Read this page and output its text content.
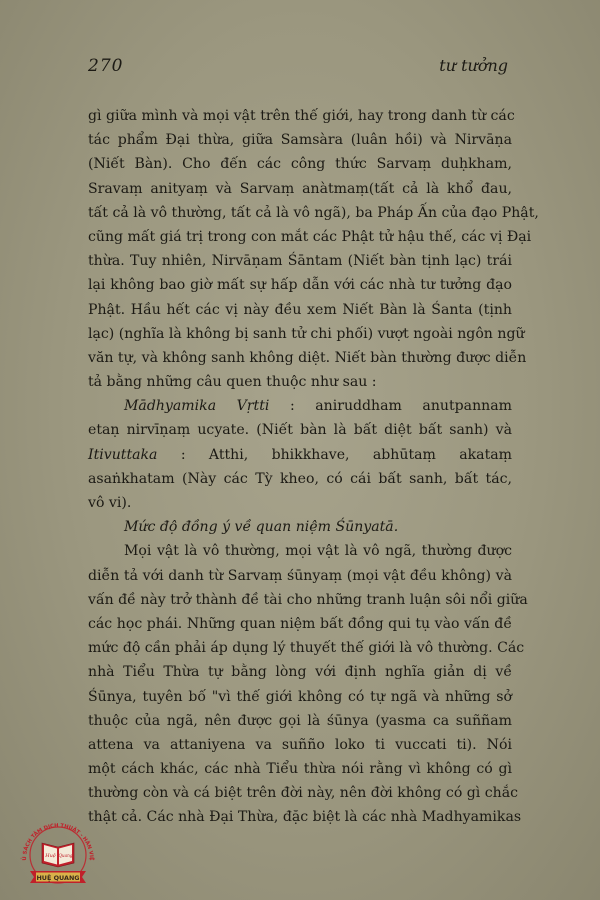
270	tư tưởng
gì giữa mình và mọi vật trên thế giới, hay trong danh từ các
tác phẩm Đại thừa, giữa Samsàra (luân hồi) và Nirvāṇa
(Niết Bàn). Cho đến các công thức Sarvaṃ duḥkham,
Sravaṃ anityaṃ và Sarvaṃ anàtmaṃ(tất cả là khổ đau,
tất cả là vô thường, tất cả là vô ngã), ba Pháp Ấn của đạo Phật,
cũng mất giá trị trong con mắt các Phật tử hậu thế, các vị Đại
thừa. Tuy nhiên, Nirvāṇam Śāntam (Niết bàn tịnh lạc) trái
lại không bao giờ mất sự hấp dẫn với các nhà tư tưởng đạo
Phật. Hầu hết các vị này đều xem Niết Bàn là Śanta (tịnh
lạc) (nghĩa là không bị sanh tử chi phối) vượt ngoài ngôn ngữ
văn tự, và không sanh không diệt. Niết bàn thường được diễn
tả bằng những câu quen thuộc như sau :
Mādhyamika Vṛtti : aniruddham anutpannam
etaṇ nirvīṇaṃ ucyate. (Niết bàn là bất diệt bất sanh) và
Itivuttaka : Atthi, bhikkhave, abhūtaṃ akataṃ
asaṅkhatam (Này các Tỳ kheo, có cái bất sanh, bất tác,
vô vi).
Mức độ đồng ý về quan niệm Śūnyatā.
Mọi vật là vô thường, mọi vật là vô ngã, thường được
diễn tả với danh từ Sarvaṃ śūnyaṃ (mọi vật đều không) và
vấn đề này trở thành đề tài cho những tranh luận sôi nổi giữa
các học phái. Những quan niệm bất đồng qui tụ vào vấn đề
mức độ cần phải áp dụng lý thuyết thế giới là vô thường. Các
nhà Tiểu Thừa tự bằng lòng với định nghĩa giản dị về
Śūnya, tuyên bố "vì thế giới không có tự ngã và những sở
thuộc của ngã, nên được gọi là śūnya (yasma ca suññam
attena va attaniyena va suñño loko ti vuccati ti). Nói
một cách khác, các nhà Tiểu thừa nói rằng vì không có gì
thường còn và cá biệt trên đời này, nên đời không có gì chắc
thật cả. Các nhà Đại Thừa, đặc biệt là các nhà Madhyamikas
Ủ SÁCH TÂM DỊCH THUẬT - HÀN VIỆ
Huệ Quang
HUỆ QUANG
